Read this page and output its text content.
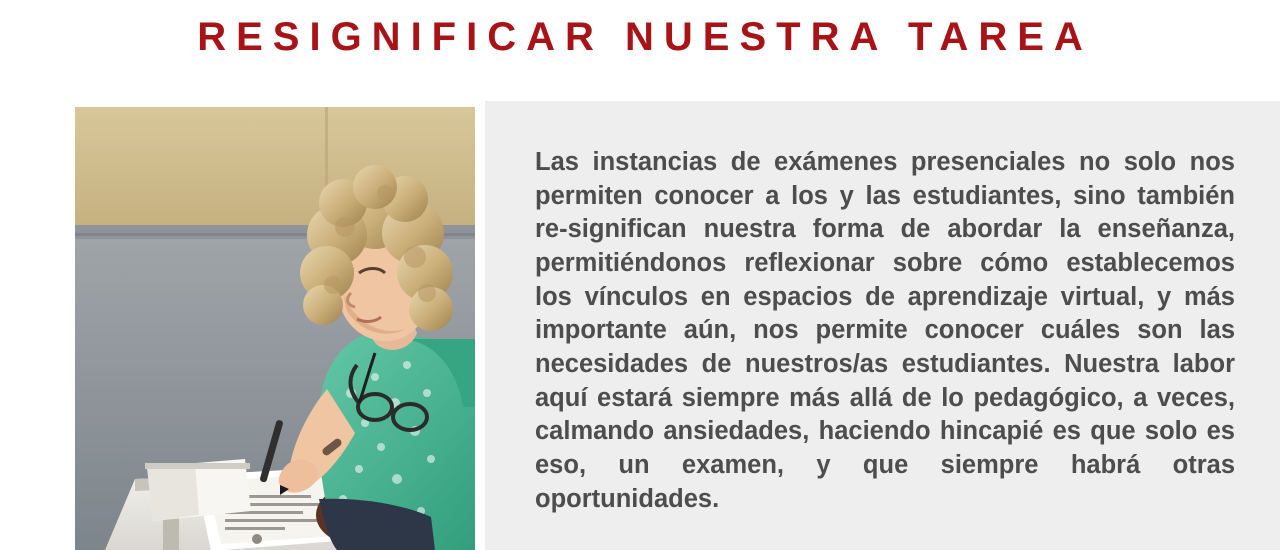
RESIGNIFICAR NUESTRA TAREA
Las instancias de exámenes presenciales no solo nos permiten conocer a los y las estudiantes, sino también re-significan nuestra forma de abordar la enseñanza, permitiéndonos reflexionar sobre cómo establecemos los vínculos en espacios de aprendizaje virtual, y más importante aún, nos permite conocer cuáles son las necesidades de nuestros/as estudiantes. Nuestra labor aquí estará siempre más allá de lo pedagógico, a veces, calmando ansiedades, haciendo hincapié es que solo es eso, un examen, y que siempre habrá otras oportunidades.
